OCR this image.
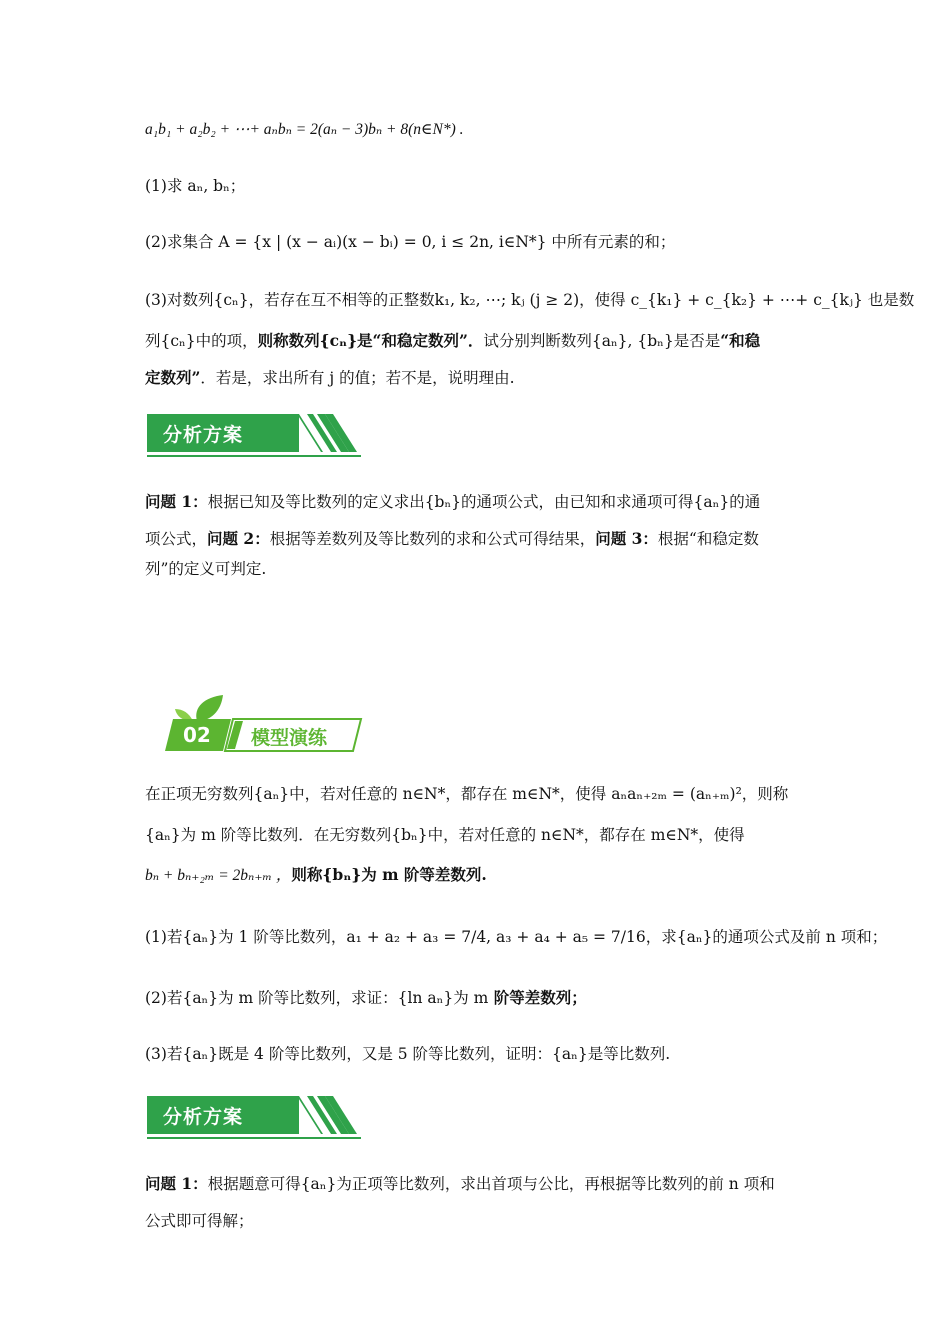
a₁b₁ + a₂b₂ + ⋯+ aₙbₙ = 2(aₙ − 3)bₙ + 8(n∈N*) .
(1)求 aₙ, bₙ；
(2)求集合 A = {x | (x − aᵢ)(x − bᵢ) = 0, i ≤ 2n, i∈N*} 中所有元素的和；
(3)对数列{cₙ}，若存在互不相等的正整数k₁, k₂, ⋯; kⱼ (j ≥ 2)，使得 c_{k₁} + c_{k₂} + ⋯+ c_{kⱼ} 也是数
列{cₙ}中的项，则称数列{cₙ}是“和稳定数列”．试分别判断数列{aₙ}, {bₙ}是否是“和稳
定数列”．若是，求出所有 j 的值；若不是，说明理由.
分析方案
问题 1：根据已知及等比数列的定义求出{bₙ}的通项公式，由已知和求通项可得{aₙ}的通
项公式，问题 2：根据等差数列及等比数列的求和公式可得结果，问题 3：根据“和稳定数
列”的定义可判定.
02 模型演练
在正项无穷数列{aₙ}中，若对任意的 n∈N*，都存在 m∈N*，使得 aₙaₙ₊₂ₘ = (aₙ₊ₘ)²，则称
{aₙ}为 m 阶等比数列．在无穷数列{bₙ}中，若对任意的 n∈N*，都存在 m∈N*，使得
bₙ + bₙ₊₂ₘ = 2bₙ₊ₘ ，则称{bₙ}为 m 阶等差数列.
(1)若{aₙ}为 1 阶等比数列，a₁ + a₂ + a₃ = 7/4, a₃ + a₄ + a₅ = 7/16，求{aₙ}的通项公式及前 n 项和；
(2)若{aₙ}为 m 阶等比数列，求证：{ln aₙ}为 m 阶等差数列；
(3)若{aₙ}既是 4 阶等比数列，又是 5 阶等比数列，证明：{aₙ}是等比数列.
分析方案
问题 1：根据题意可得{aₙ}为正项等比数列，求出首项与公比，再根据等比数列的前 n 项和
公式即可得解；
